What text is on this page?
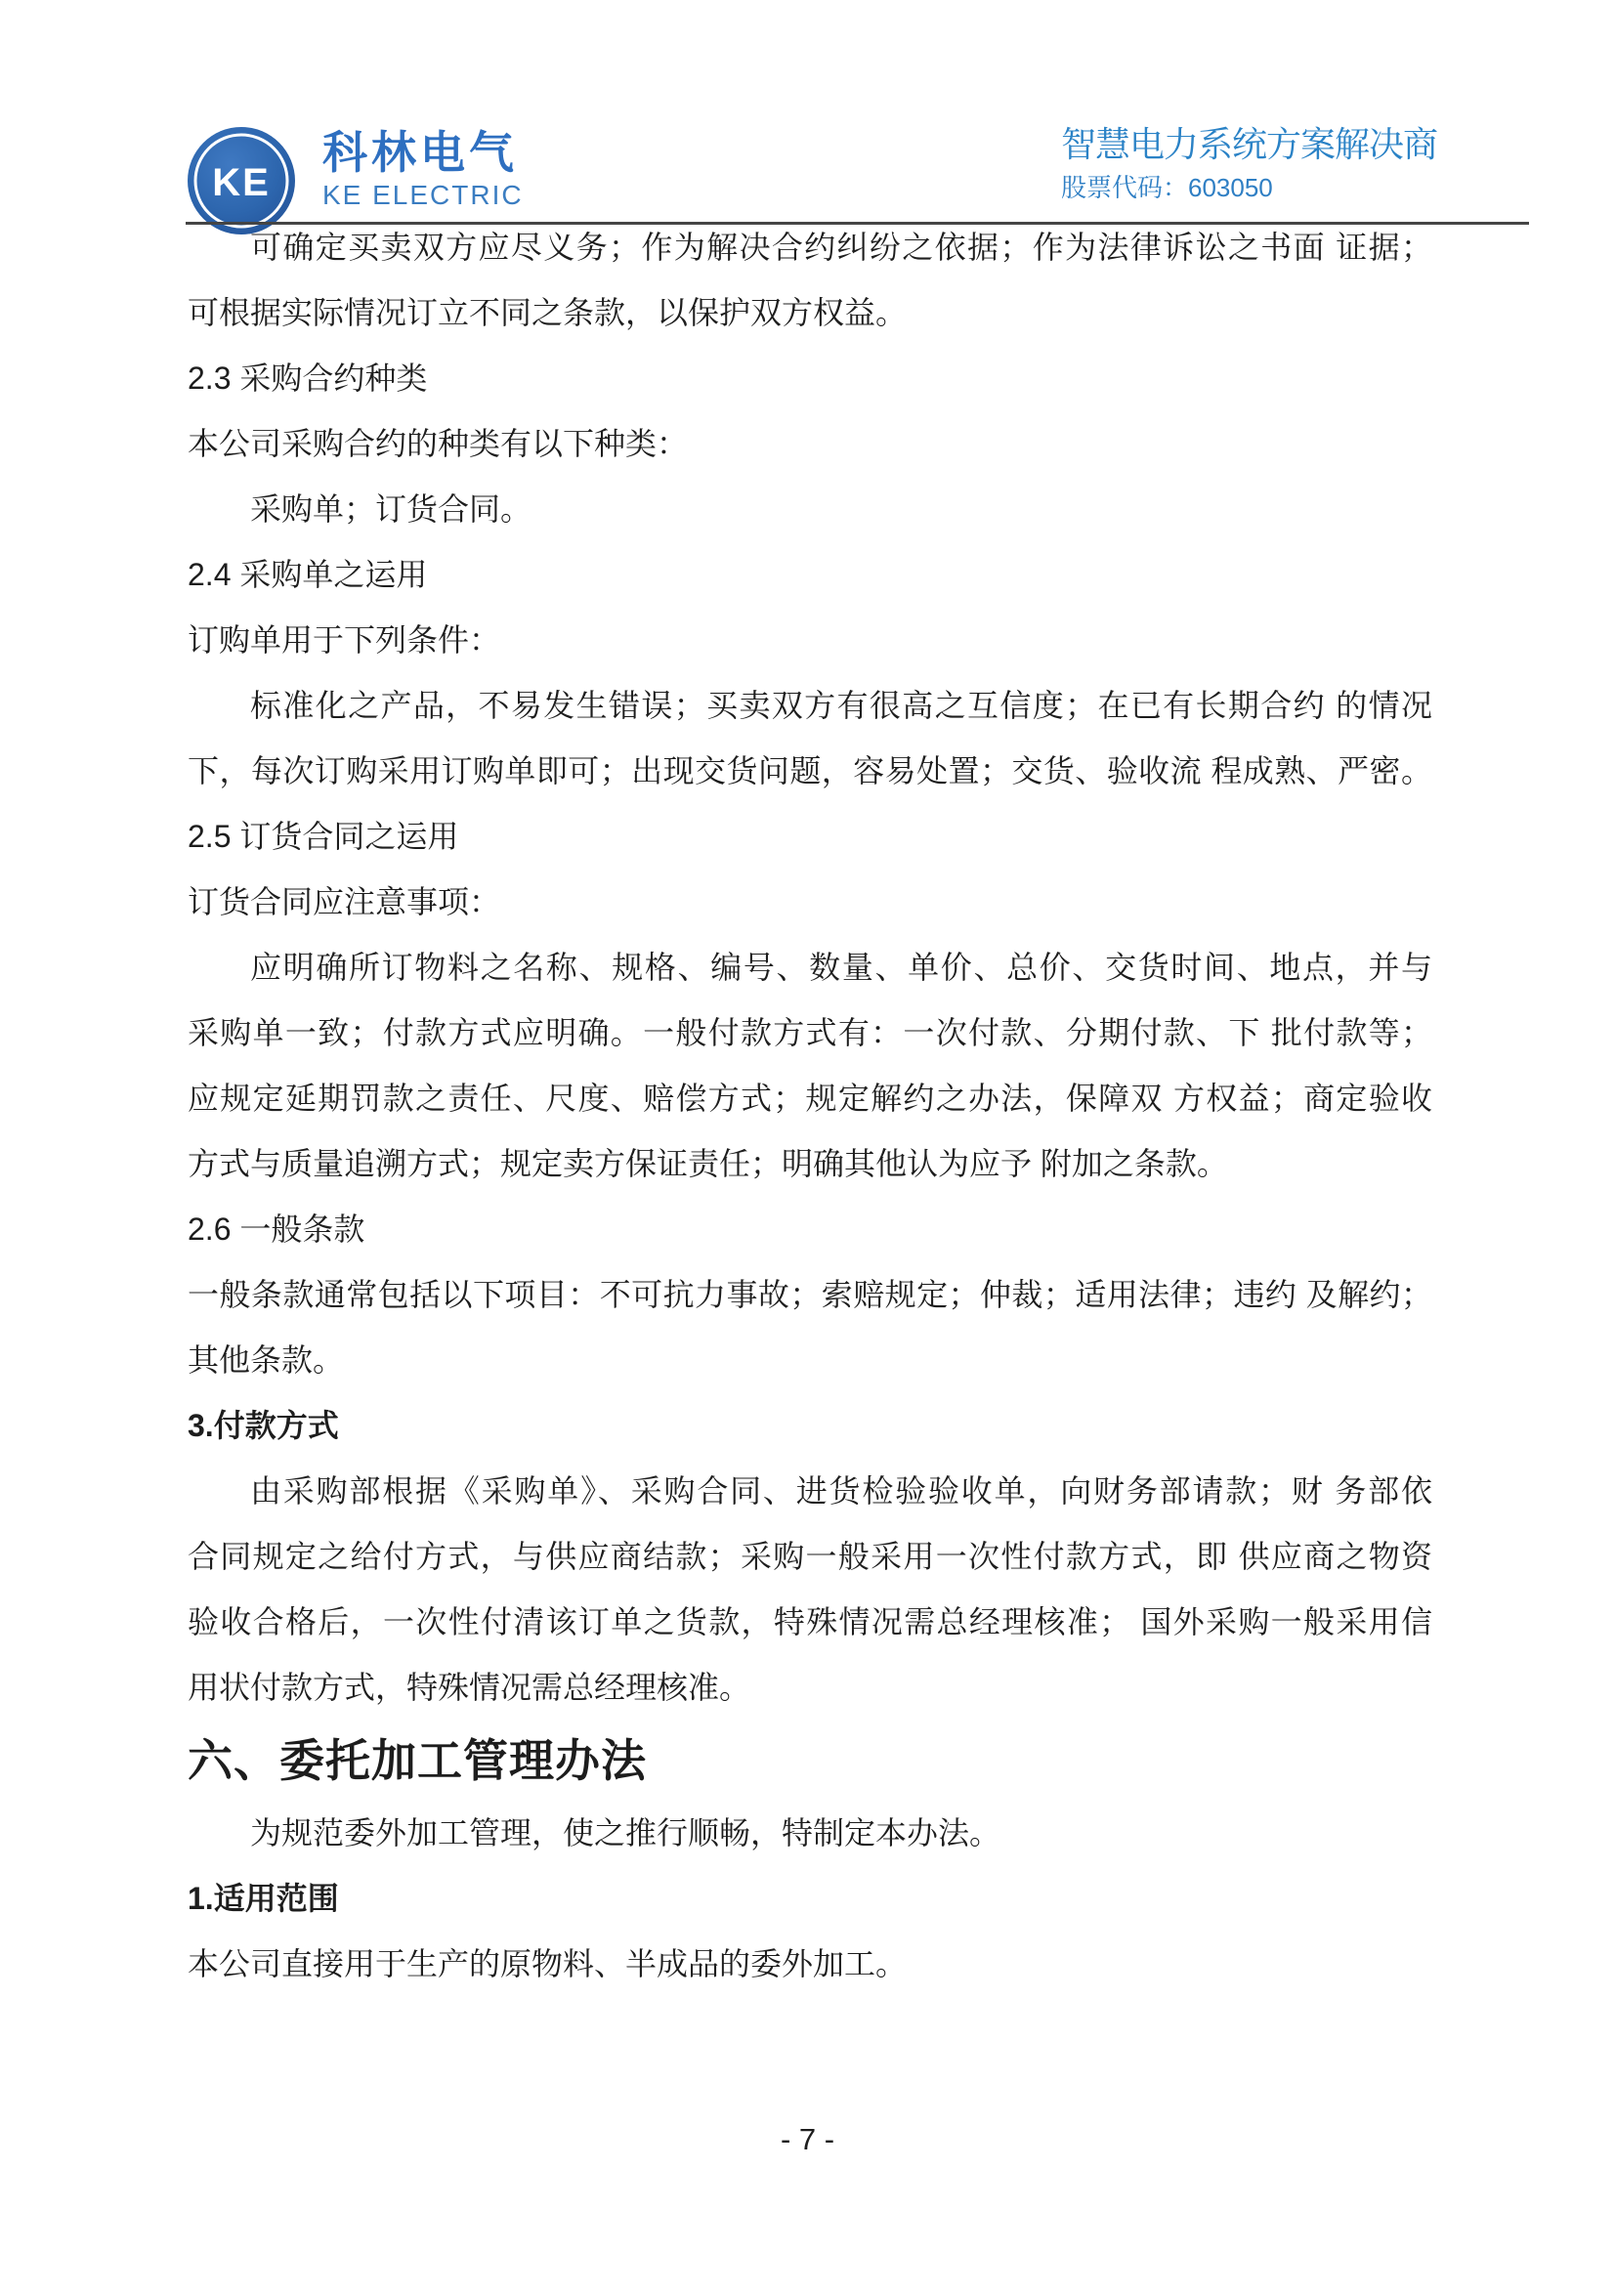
KE
科林电气
KE ELECTRIC
智慧电力系统方案解决商
股票代码：603050
可确定买卖双方应尽义务；作为解决合约纠纷之依据；作为法律诉讼之书面 证据；
可根据实际情况订立不同之条款，以保护双方权益。
2.3 采购合约种类
本公司采购合约的种类有以下种类：
采购单；订货合同。
2.4 采购单之运用
订购单用于下列条件：
标准化之产品，不易发生错误；买卖双方有很高之互信度；在已有长期合约 的情况
下，每次订购采用订购单即可；出现交货问题，容易处置；交货、验收流 程成熟、严密。
2.5 订货合同之运用
订货合同应注意事项：
应明确所订物料之名称、规格、编号、数量、单价、总价、交货时间、地点，并与
采购单一致；付款方式应明确。一般付款方式有：一次付款、分期付款、下 批付款等；
应规定延期罚款之责任、尺度、赔偿方式；规定解约之办法，保障双 方权益；商定验收
方式与质量追溯方式；规定卖方保证责任；明确其他认为应予 附加之条款。
2.6 一般条款
一般条款通常包括以下项目：不可抗力事故；索赔规定；仲裁；适用法律；违约 及解约；
其他条款。
3.付款方式
由采购部根据《采购单》、采购合同、进货检验验收单，向财务部请款；财 务部依
合同规定之给付方式，与供应商结款；采购一般采用一次性付款方式，即 供应商之物资
验收合格后，一次性付清该订单之货款，特殊情况需总经理核准； 国外采购一般采用信
用状付款方式，特殊情况需总经理核准。
六、委托加工管理办法
为规范委外加工管理，使之推行顺畅，特制定本办法。
1.适用范围
本公司直接用于生产的原物料、半成品的委外加工。
- 7 -
